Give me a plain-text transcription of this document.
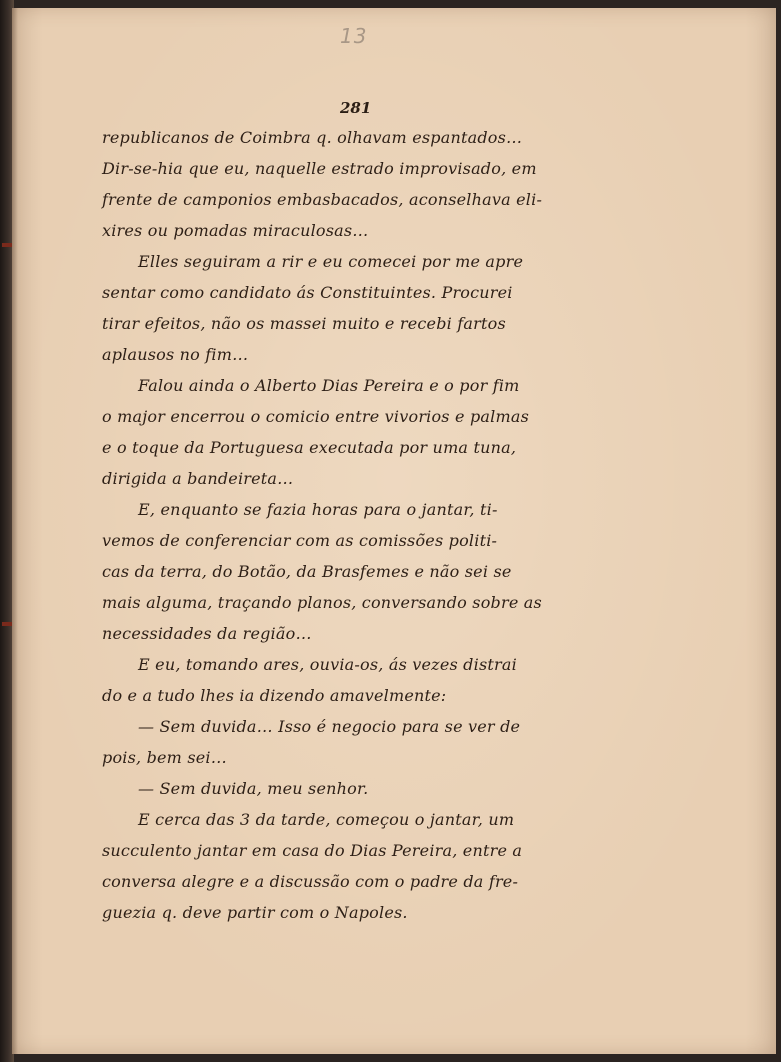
13
281
republicanos de Coimbra q. olhavam espantados…
Dir-se-hia que eu, naquelle estrado improvisado, em
frente de camponios embasbacados, aconselhava eli-
xires ou pomadas miraculosas…
Elles seguiram a rir e eu comecei por me apre
sentar como candidato ás Constituintes. Procurei
tirar efeitos, não os massei muito e recebi fartos
aplausos no fim…
Falou ainda o Alberto Dias Pereira e o por fim
o major encerrou o comicio entre vivorios e palmas
e o toque da Portuguesa executada por uma tuna,
dirigida a bandeireta…
E, enquanto se fazia horas para o jantar, ti-
vemos de conferenciar com as comissões politi-
cas da terra, do Botão, da Brasfemes e não sei se
mais alguma, traçando planos, conversando sobre as
necessidades da região…
E eu, tomando ares, ouvia-os, ás vezes distrai
do e a tudo lhes ia dizendo amavelmente:
— Sem duvida… Isso é negocio para se ver de
pois, bem sei…
— Sem duvida, meu senhor.
E cerca das 3 da tarde, começou o jantar, um
succulento jantar em casa do Dias Pereira, entre a
conversa alegre e a discussão com o padre da fre-
guezia q. deve partir com o Napoles.
